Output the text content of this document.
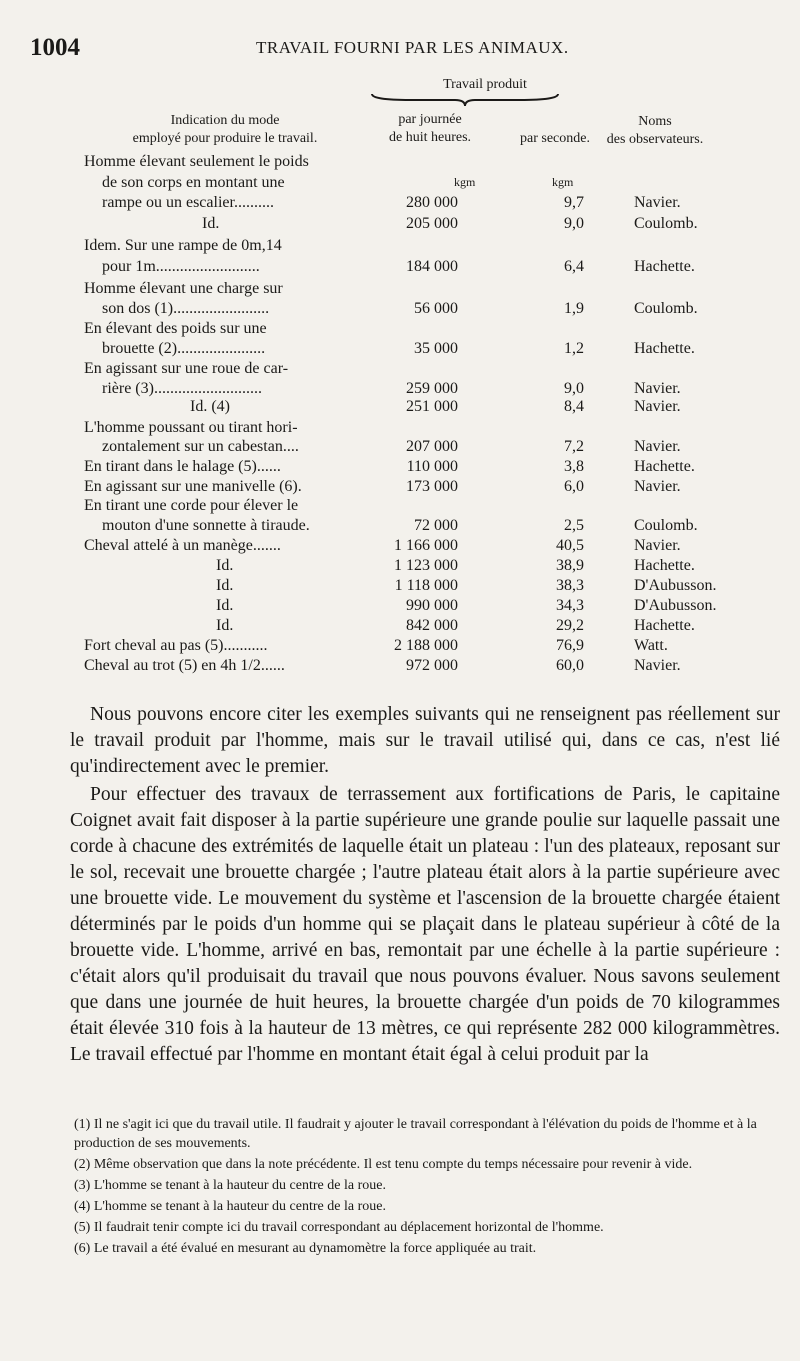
1004	TRAVAIL FOURNI PAR LES ANIMAUX.
Indication du mode
employé pour produire le travail.
Travail produit
par journée
de huit heures.	par seconde.
Noms
des observateurs.
kgm	kgm
Homme élevant seulement le poids
de son corps en montant une
rampe ou un escalier..........	280 000	9,7	Navier.
Id.	205 000	9,0	Coulomb.
Idem. Sur une rampe de 0m,14
pour 1m..........................	184 000	6,4	Hachette.
Homme élevant une charge sur
son dos (1)........................	56 000	1,9	Coulomb.
En élevant des poids sur une
brouette (2)......................	35 000	1,2	Hachette.
En agissant sur une roue de car-
rière (3)...........................	259 000	9,0	Navier.
Id. (4)	251 000	8,4	Navier.
L'homme poussant ou tirant hori-
zontalement sur un cabestan....	207 000	7,2	Navier.
En tirant dans le halage (5)......	110 000	3,8	Hachette.
En agissant sur une manivelle (6).	173 000	6,0	Navier.
En tirant une corde pour élever le
mouton d'une sonnette à tiraude.	72 000	2,5	Coulomb.
Cheval attelé à un manège.......	1 166 000	40,5	Navier.
Id.	1 123 000	38,9	Hachette.
Id.	1 118 000	38,3	D'Aubusson.
Id.	990 000	34,3	D'Aubusson.
Id.	842 000	29,2	Hachette.
Fort cheval au pas (5)...........	2 188 000	76,9	Watt.
Cheval au trot (5) en 4h 1/2......	972 000	60,0	Navier.

Nous pouvons encore citer les exemples suivants qui ne renseignent pas réellement sur le travail produit par l'homme, mais sur le travail utilisé qui, dans ce cas, n'est lié qu'indirectement avec le premier.

Pour effectuer des travaux de terrassement aux fortifications de Paris, le capitaine Coignet avait fait disposer à la partie supérieure une grande poulie sur laquelle passait une corde à chacune des extrémités de laquelle était un plateau : l'un des plateaux, reposant sur le sol, recevait une brouette chargée ; l'autre plateau était alors à la partie supérieure avec une brouette vide. Le mouvement du système et l'ascension de la brouette chargée étaient déterminés par le poids d'un homme qui se plaçait dans le plateau supérieur à côté de la brouette vide. L'homme, arrivé en bas, remontait par une échelle à la partie supérieure : c'était alors qu'il produisait du travail que nous pouvons évaluer. Nous savons seulement que dans une journée de huit heures, la brouette chargée d'un poids de 70 kilogrammes était élevée 310 fois à la hauteur de 13 mètres, ce qui représente 282 000 kilogrammètres. Le travail effectué par l'homme en montant était égal à celui produit par la

(1) Il ne s'agit ici que du travail utile. Il faudrait y ajouter le travail correspondant à l'élévation du poids de l'homme et à la production de ses mouvements.
(2) Même observation que dans la note précédente. Il est tenu compte du temps nécessaire pour revenir à vide.
(3) L'homme se tenant à la hauteur du centre de la roue.
(4) L'homme se tenant à la hauteur du centre de la roue.
(5) Il faudrait tenir compte ici du travail correspondant au déplacement horizontal de l'homme.
(6) Le travail a été évalué en mesurant au dynamomètre la force appliquée au trait.
